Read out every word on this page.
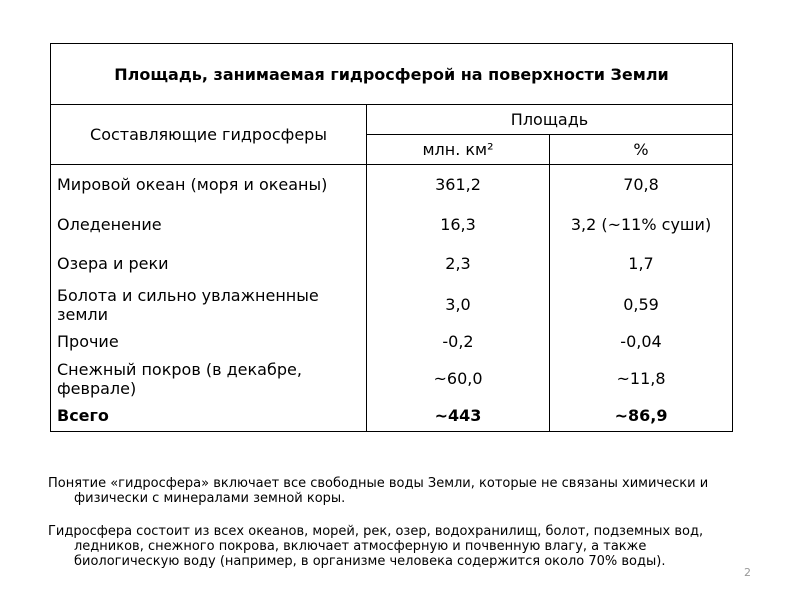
Площадь, занимаемая гидросферой на поверхности Земли		
Составляющие гидросферы	Площадь	
	млн. км²	%
Мировой океан (моря и океаны)	361,2	70,8
Оледенение	16,3	3,2 (~11% суши)
Озера и реки	2,3	1,7
Болота и сильно увлажненные земли	3,0	0,59
Прочие	-0,2	-0,04
Снежный покров (в декабре, феврале)	~60,0	~11,8
Всего	~443	~86,9

Понятие «гидросфера» включает все свободные воды Земли, которые не связаны химически и физически с минералами земной коры.

Гидросфера состоит из всех океанов, морей, рек, озер, водохранилищ, болот, подземных вод, ледников, снежного покрова, включает атмосферную и почвенную влагу, а также биологическую воду (например, в организме человека содержится около 70% воды).

2
